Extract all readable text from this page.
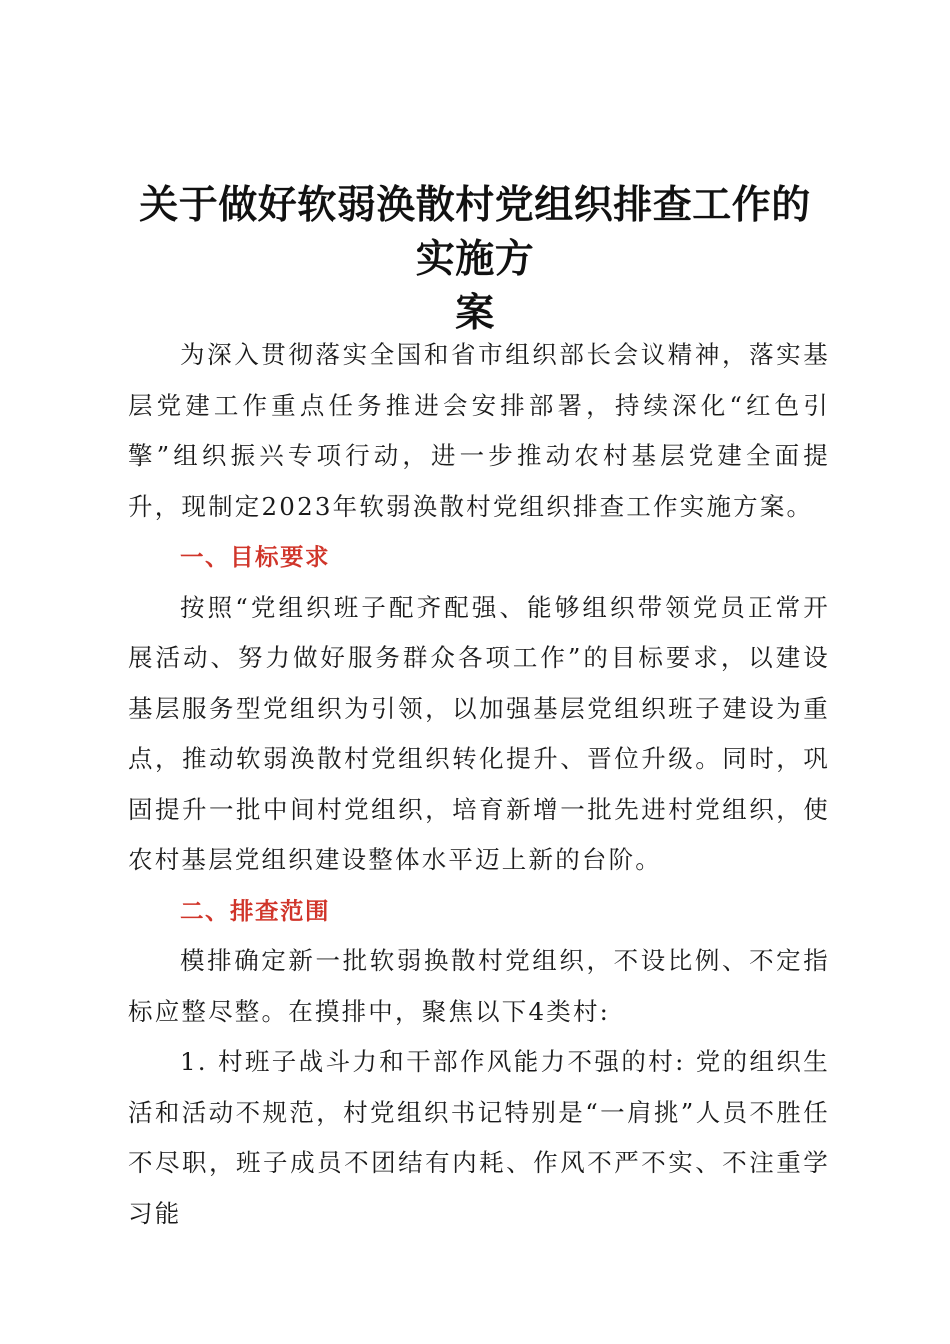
关于做好软弱涣散村党组织排查工作的实施方
案

为深入贯彻落实全国和省市组织部长会议精神，落实基层党建工作重点任务推进会安排部署，持续深化“红色引擎”组织振兴专项行动，进一步推动农村基层党建全面提升，现制定2023年软弱涣散村党组织排查工作实施方案。

一、目标要求

按照“党组织班子配齐配强、能够组织带领党员正常开展活动、努力做好服务群众各项工作”的目标要求，以建设基层服务型党组织为引领，以加强基层党组织班子建设为重点，推动软弱涣散村党组织转化提升、晋位升级。同时，巩固提升一批中间村党组织，培育新增一批先进村党组织，使农村基层党组织建设整体水平迈上新的台阶。

二、排查范围

模排确定新一批软弱换散村党组织，不设比例、不定指标应整尽整。在摸排中，聚焦以下4类村:

1. 村班子战斗力和干部作风能力不强的村: 党的组织生活和活动不规范，村党组织书记特别是“一肩挑”人员不胜任不尽职，班子成员不团结有内耗、作风不严不实、不注重学习能
